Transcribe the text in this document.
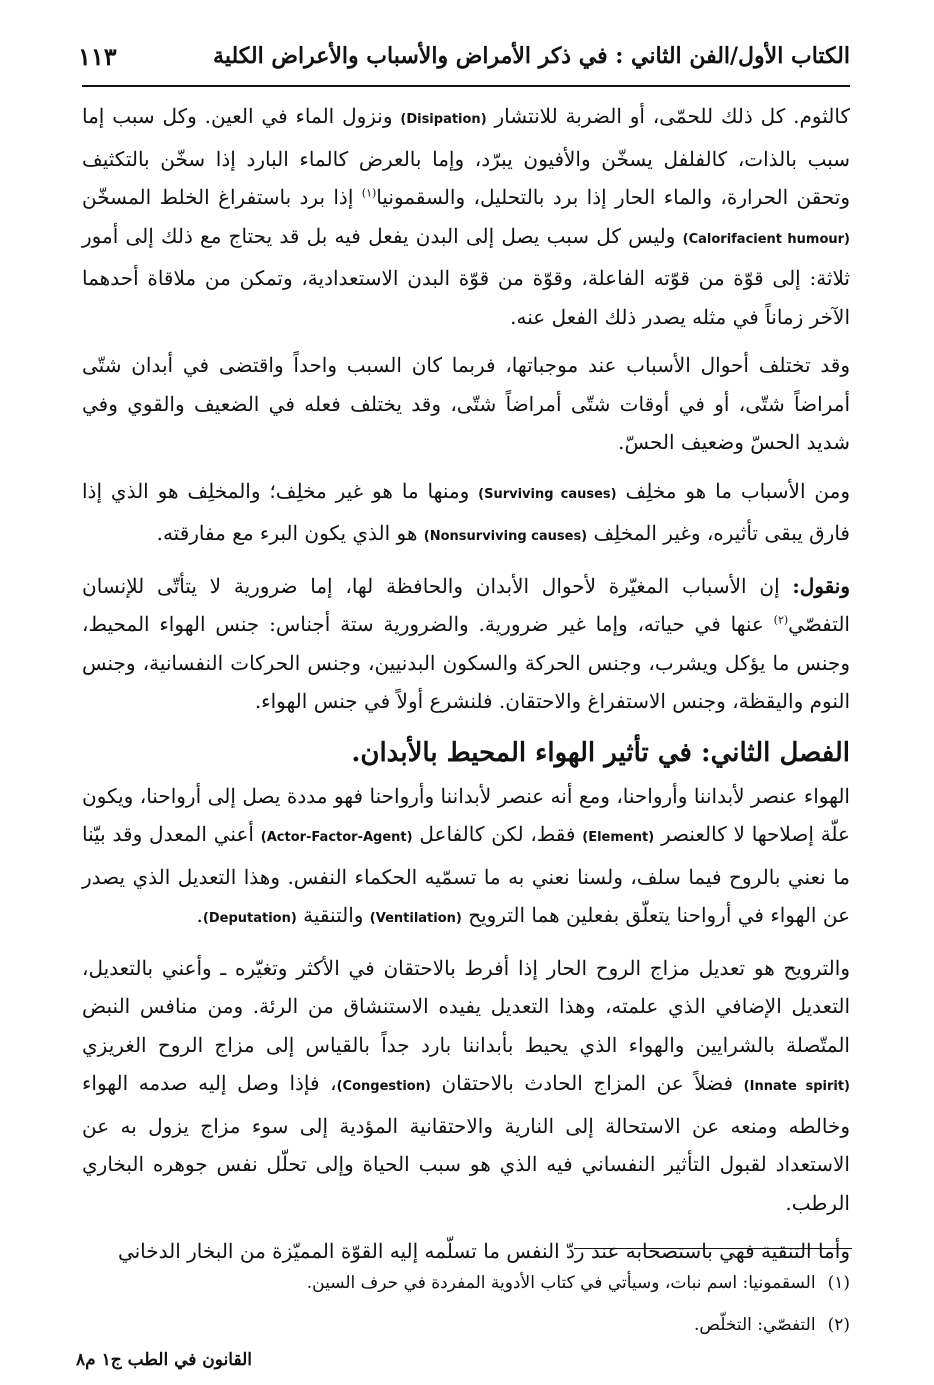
الكتاب الأول/الفن الثاني : في ذكر الأمراض والأسباب والأعراض الكلية
١١٣

كالثوم. كل ذلك للحمّى، أو الضربة للانتشار (Disipation) ونزول الماء في العين. وكل سبب إما سبب بالذات، كالفلفل يسخّن والأفيون يبرّد، وإما بالعرض كالماء البارد إذا سخّن بالتكثيف وتحقن الحرارة، والماء الحار إذا برد بالتحليل، والسقمونيا$^{(١)}$ إذا برد باستفراغ الخلط المسخّن (Calorifacient humour) وليس كل سبب يصل إلى البدن يفعل فيه بل قد يحتاج مع ذلك إلى أمور ثلاثة: إلى قوّة من قوّته الفاعلة، وقوّة من قوّة البدن الاستعدادية، وتمكن من ملاقاة أحدهما الآخر زماناً في مثله يصدر ذلك الفعل عنه.

وقد تختلف أحوال الأسباب عند موجباتها، فربما كان السبب واحداً واقتضى في أبدان شتّى أمراضاً شتّى، أو في أوقات شتّى أمراضاً شتّى، وقد يختلف فعله في الضعيف والقوي وفي شديد الحسّ وضعيف الحسّ.

ومن الأسباب ما هو مخلِف (Surviving causes) ومنها ما هو غير مخلِف؛ والمخلِف هو الذي إذا فارق يبقى تأثيره، وغير المخلِف (Nonsurviving causes) هو الذي يكون البرء مع مفارقته.

ونقول: إن الأسباب المغيّرة لأحوال الأبدان والحافظة لها، إما ضرورية لا يتأتّى للإنسان التفصّي$^{(٢)}$ عنها في حياته، وإما غير ضرورية. والضرورية ستة أجناس: جنس الهواء المحيط، وجنس ما يؤكل ويشرب، وجنس الحركة والسكون البدنيين، وجنس الحركات النفسانية، وجنس النوم واليقظة، وجنس الاستفراغ والاحتقان. فلنشرع أولاً في جنس الهواء.

الفصل الثاني: في تأثير الهواء المحيط بالأبدان.

الهواء عنصر لأبداننا وأرواحنا، ومع أنه عنصر لأبداننا وأرواحنا فهو مددة يصل إلى أرواحنا، ويكون علّة إصلاحها لا كالعنصر (Element) فقط، لكن كالفاعل (Actor-Factor-Agent) أعني المعدل وقد بيّنا ما نعني بالروح فيما سلف، ولسنا نعني به ما تسمّيه الحكماء النفس. وهذا التعديل الذي يصدر عن الهواء في أرواحنا يتعلّق بفعلين هما الترويح (Ventilation) والتنقية (Deputation).

والترويح هو تعديل مزاج الروح الحار إذا أفرط بالاحتقان في الأكثر وتغيّره ـ وأعني بالتعديل، التعديل الإضافي الذي علمته، وهذا التعديل يفيده الاستنشاق من الرئة. ومن منافس النبض المتّصلة بالشرايين والهواء الذي يحيط بأبداننا بارد جداً بالقياس إلى مزاج الروح الغريزي (Innate spirit) فضلاً عن المزاج الحادث بالاحتقان (Congestion)، فإذا وصل إليه صدمه الهواء وخالطه ومنعه عن الاستحالة إلى النارية والاحتقانية المؤدية إلى سوء مزاج يزول به عن الاستعداد لقبول التأثير النفساني فيه الذي هو سبب الحياة وإلى تحلّل نفس جوهره البخاري الرطب.

وأما التنقية فهي باستصحابه عند ردّ النفس ما تسلّمه إليه القوّة المميّزة من البخار الدخاني

(١)
السقمونيا: اسم نبات، وسيأتي في كتاب الأدوية المفردة في حرف السين.
(٢)
التفصّي: التخلّص.
القانون في الطب ج١ م٨
